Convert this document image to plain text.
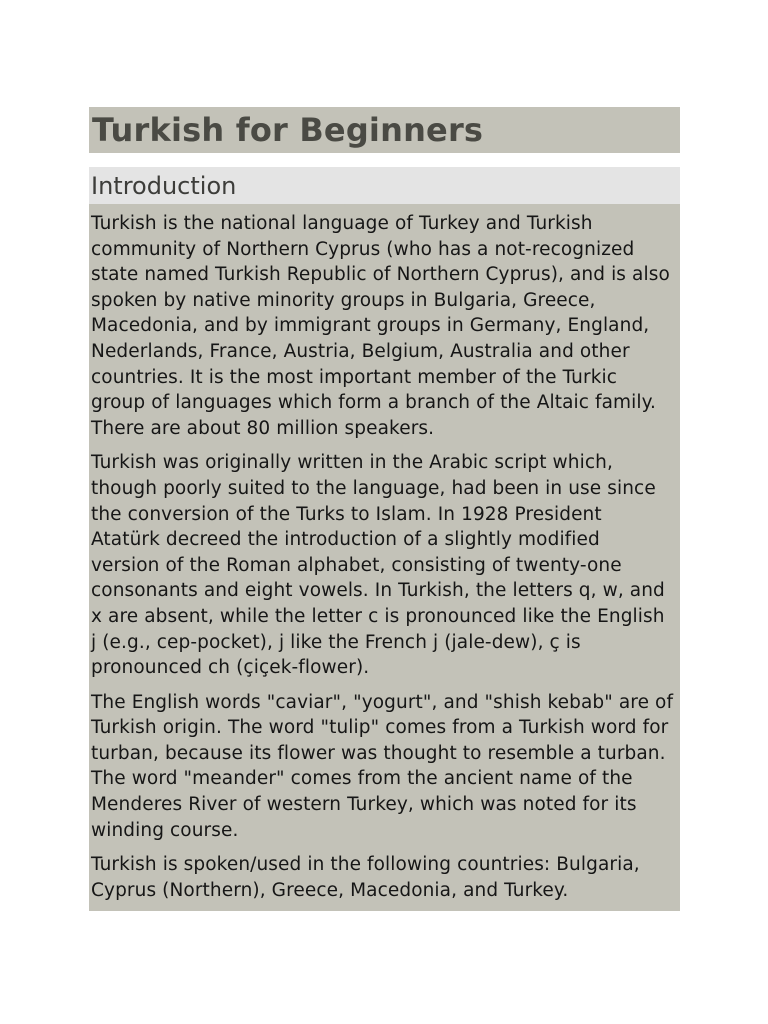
Turkish for Beginners
Introduction

Turkish is the national language of Turkey and Turkish community of Northern Cyprus (who has a not-recognized state named Turkish Republic of Northern Cyprus), and is also spoken by native minority groups in Bulgaria, Greece, Macedonia, and by immigrant groups in Germany, England, Nederlands, France, Austria, Belgium, Australia and other countries. It is the most important member of the Turkic group of languages which form a branch of the Altaic family. There are about 80 million speakers.

Turkish was originally written in the Arabic script which, though poorly suited to the language, had been in use since the conversion of the Turks to Islam. In 1928 President Atatürk decreed the introduction of a slightly modified version of the Roman alphabet, consisting of twenty-one consonants and eight vowels. In Turkish, the letters q, w, and x are absent, while the letter c is pronounced like the English j (e.g., cep-pocket), j like the French j (jale-dew), ç is pronounced ch (çiçek-flower).

The English words "caviar", "yogurt", and "shish kebab" are of Turkish origin. The word "tulip" comes from a Turkish word for turban, because its flower was thought to resemble a turban. The word "meander" comes from the ancient name of the Menderes River of western Turkey, which was noted for its winding course.

Turkish is spoken/used in the following countries: Bulgaria, Cyprus (Northern), Greece, Macedonia, and Turkey.
